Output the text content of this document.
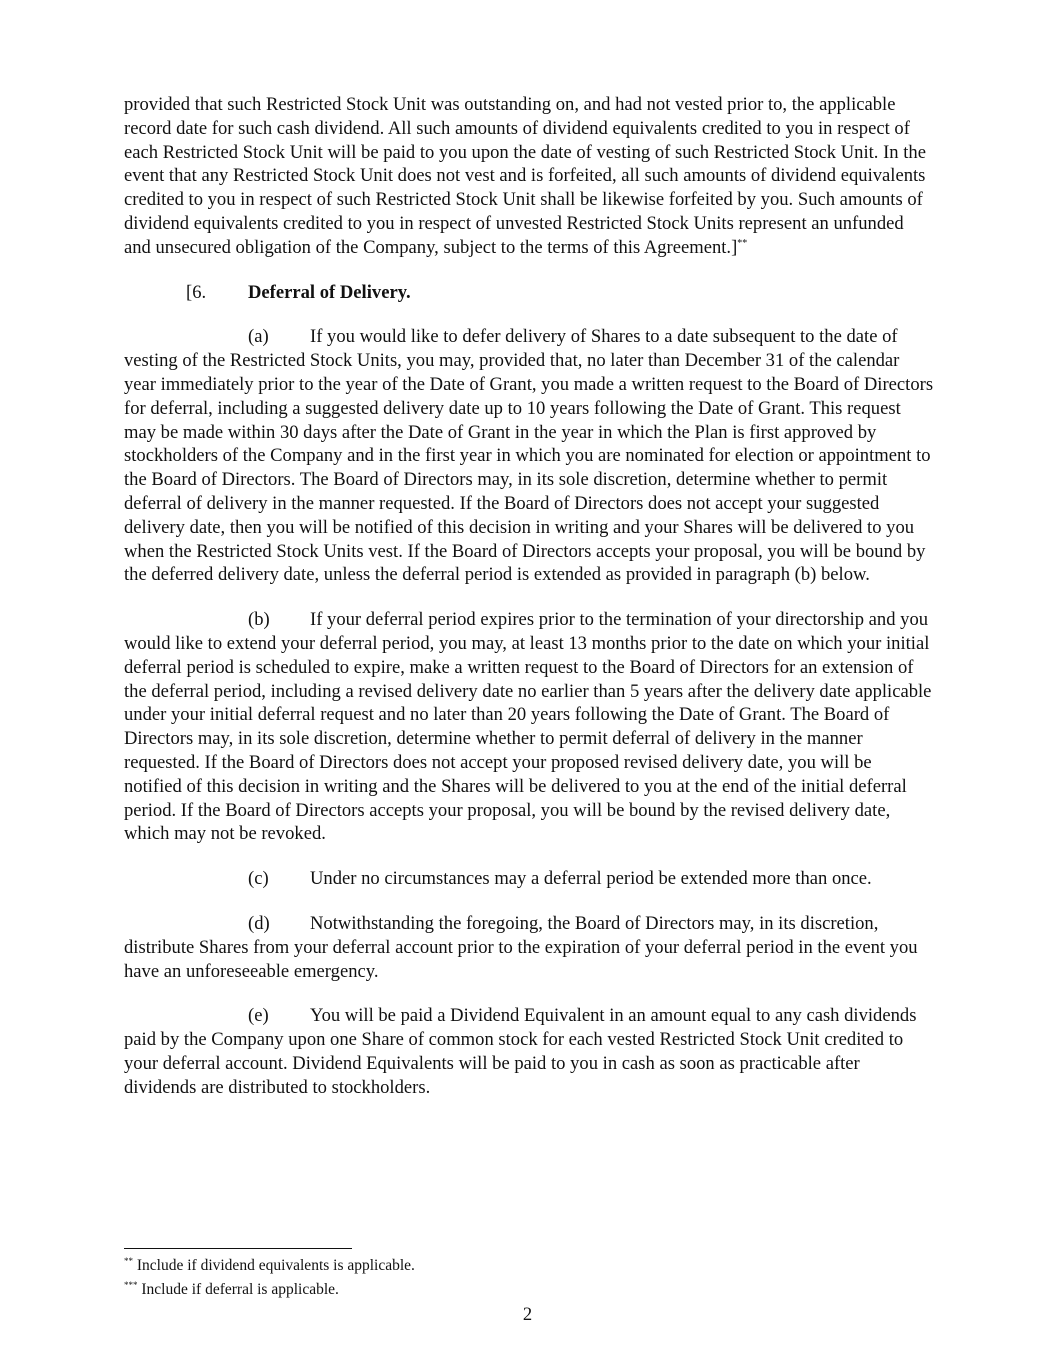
provided that such Restricted Stock Unit was outstanding on, and had not vested prior to, the applicable record date for such cash dividend. All such amounts of dividend equivalents credited to you in respect of each Restricted Stock Unit will be paid to you upon the date of vesting of such Restricted Stock Unit. In the event that any Restricted Stock Unit does not vest and is forfeited, all such amounts of dividend equivalents credited to you in respect of such Restricted Stock Unit shall be likewise forfeited by you. Such amounts of dividend equivalents credited to you in respect of unvested Restricted Stock Units represent an unfunded and unsecured obligation of the Company, subject to the terms of this Agreement.]**

[6. Deferral of Delivery.

(a) If you would like to defer delivery of Shares to a date subsequent to the date of vesting of the Restricted Stock Units, you may, provided that, no later than December 31 of the calendar year immediately prior to the year of the Date of Grant, you made a written request to the Board of Directors for deferral, including a suggested delivery date up to 10 years following the Date of Grant. This request may be made within 30 days after the Date of Grant in the year in which the Plan is first approved by stockholders of the Company and in the first year in which you are nominated for election or appointment to the Board of Directors. The Board of Directors may, in its sole discretion, determine whether to permit deferral of delivery in the manner requested. If the Board of Directors does not accept your suggested delivery date, then you will be notified of this decision in writing and your Shares will be delivered to you when the Restricted Stock Units vest. If the Board of Directors accepts your proposal, you will be bound by the deferred delivery date, unless the deferral period is extended as provided in paragraph (b) below.

(b) If your deferral period expires prior to the termination of your directorship and you would like to extend your deferral period, you may, at least 13 months prior to the date on which your initial deferral period is scheduled to expire, make a written request to the Board of Directors for an extension of the deferral period, including a revised delivery date no earlier than 5 years after the delivery date applicable under your initial deferral request and no later than 20 years following the Date of Grant. The Board of Directors may, in its sole discretion, determine whether to permit deferral of delivery in the manner requested. If the Board of Directors does not accept your proposed revised delivery date, you will be notified of this decision in writing and the Shares will be delivered to you at the end of the initial deferral period. If the Board of Directors accepts your proposal, you will be bound by the revised delivery date, which may not be revoked.

(c) Under no circumstances may a deferral period be extended more than once.

(d) Notwithstanding the foregoing, the Board of Directors may, in its discretion, distribute Shares from your deferral account prior to the expiration of your deferral period in the event you have an unforeseeable emergency.

(e) You will be paid a Dividend Equivalent in an amount equal to any cash dividends paid by the Company upon one Share of common stock for each vested Restricted Stock Unit credited to your deferral account. Dividend Equivalents will be paid to you in cash as soon as practicable after dividends are distributed to stockholders.

** Include if dividend equivalents is applicable.
*** Include if deferral is applicable.
2
